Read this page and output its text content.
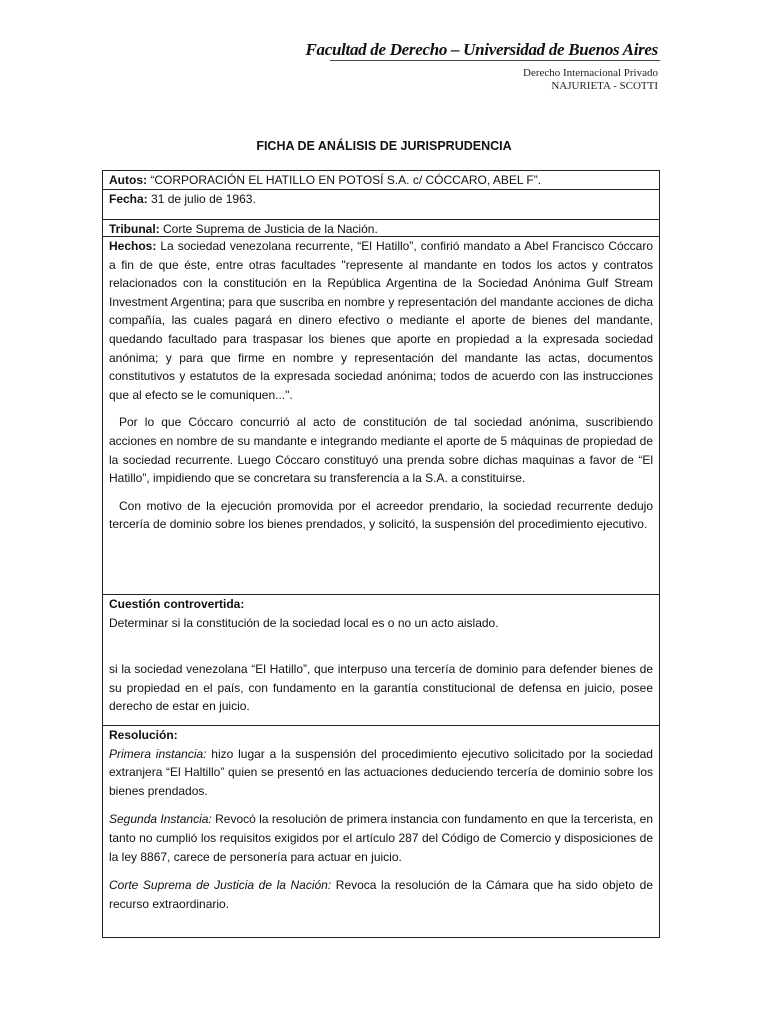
Facultad de Derecho – Universidad de Buenos Aires
Derecho Internacional Privado
NAJURIETA - SCOTTI
FICHA DE ANÁLISIS DE JURISPRUDENCIA
Autos: “CORPORACIÓN EL HATILLO EN POTOSÍ S.A. c/ CÓCCARO, ABEL F”.
Fecha: 31 de julio de 1963.
Tribunal: Corte Suprema de Justicia de la Nación.

Hechos: La sociedad venezolana recurrente, “El Hatillo”, confirió mandato a Abel Francisco Cóccaro a fin de que éste, entre otras facultades "represente al mandante en todos los actos y contratos relacionados con la constitución en la República Argentina de la Sociedad Anónima Gulf Stream Investment Argentina; para que suscriba en nombre y representación del mandante acciones de dicha compañía, las cuales pagará en dinero efectivo o mediante el aporte de bienes del mandante, quedando facultado para traspasar los bienes que aporte en propiedad a la expresada sociedad anónima; y para que firme en nombre y representación del mandante las actas, documentos constitutivos y estatutos de la expresada sociedad anónima; todos de acuerdo con las instrucciones que al efecto se le comuniquen...".

Por lo que Cóccaro concurrió al acto de constitución de tal sociedad anónima, suscribiendo acciones en nombre de su mandante e integrando mediante el aporte de 5 máquinas de propiedad de la sociedad recurrente. Luego Cóccaro constituyó una prenda sobre dichas maquinas a favor de “El Hatillo”, impidiendo que se concretara su transferencia a la S.A. a constituirse.

Con motivo de la ejecución promovida por el acreedor prendario, la sociedad recurrente dedujo tercería de dominio sobre los bienes prendados, y solicitó, la suspensión del procedimiento ejecutivo.

Cuestión controvertida:

Determinar si la constitución de la sociedad local es o no un acto aislado.

si la sociedad venezolana “El Hatillo”, que interpuso una tercería de dominio para defender bienes de su propiedad en el país, con fundamento en la garantía constitucional de defensa en juicio, posee derecho de estar en juicio.

Resolución:

Primera instancia: hizo lugar a la suspensión del procedimiento ejecutivo solicitado por la sociedad extranjera “El Haltillo” quien se presentó en las actuaciones deduciendo tercería de dominio sobre los bienes prendados.

Segunda Instancia: Revocó la resolución de primera instancia con fundamento en que la tercerista, en tanto no cumplió los requisitos exigidos por el artículo 287 del Código de Comercio y disposiciones de la ley 8867, carece de personería para actuar en juicio.

Corte Suprema de Justicia de la Nación: Revoca la resolución de la Cámara que ha sido objeto de recurso extraordinario.
